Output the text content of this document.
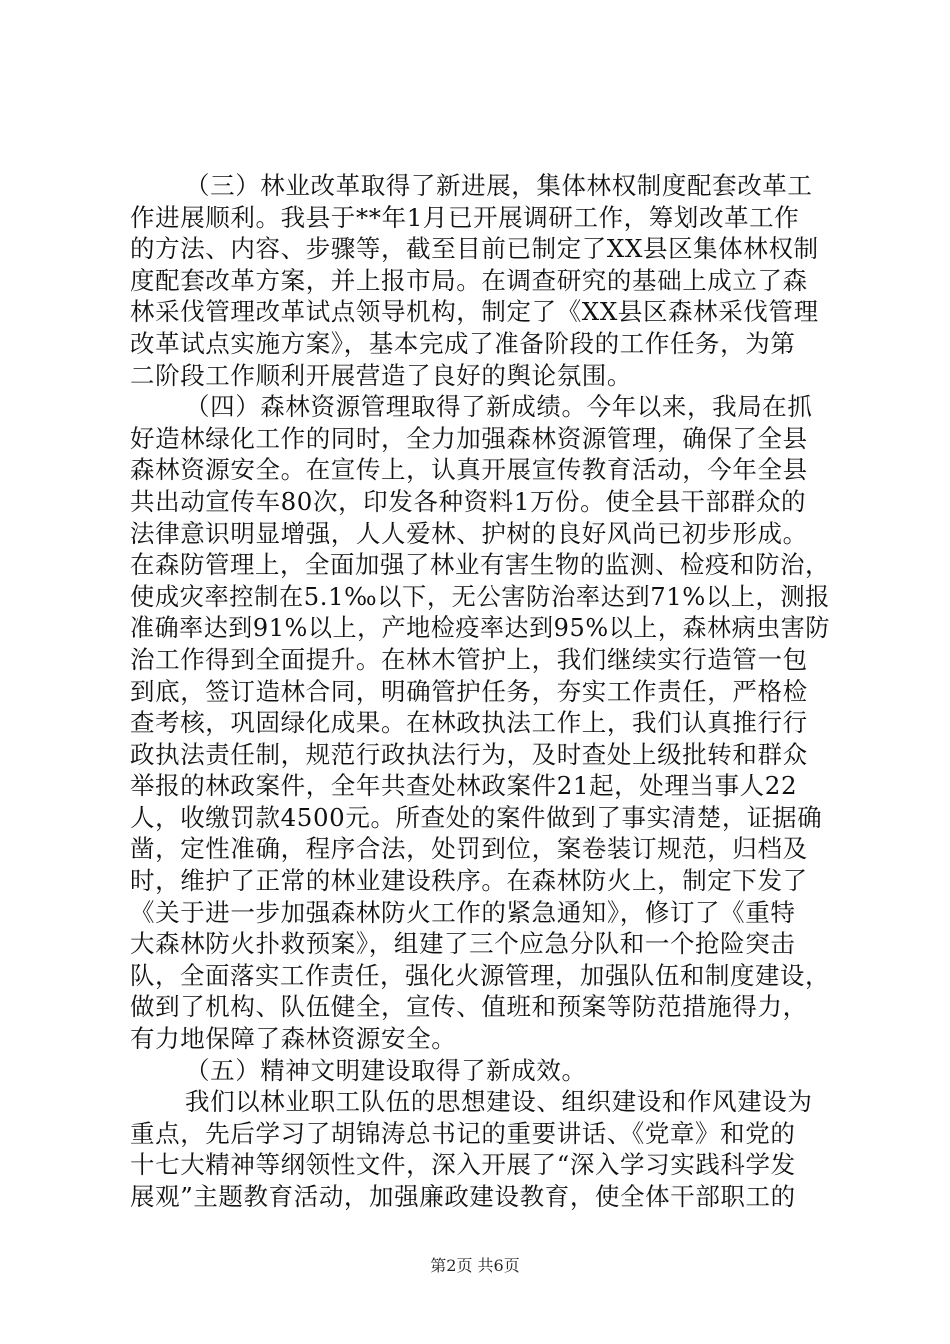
（三）林业改革取得了新进展，集体林权制度配套改革工
作进展顺利。我县于**年1月已开展调研工作，筹划改革工作
的方法、内容、步骤等，截至目前已制定了XX县区集体林权制
度配套改革方案，并上报市局。在调查研究的基础上成立了森
林采伐管理改革试点领导机构，制定了《XX县区森林采伐管理
改革试点实施方案》，基本完成了准备阶段的工作任务，为第
二阶段工作顺利开展营造了良好的舆论氛围。
（四）森林资源管理取得了新成绩。今年以来，我局在抓
好造林绿化工作的同时，全力加强森林资源管理，确保了全县
森林资源安全。在宣传上，认真开展宣传教育活动，今年全县
共出动宣传车80次，印发各种资料1万份。使全县干部群众的
法律意识明显增强，人人爱林、护树的良好风尚已初步形成。
在森防管理上，全面加强了林业有害生物的监测、检疫和防治，
使成灾率控制在5.1‰以下，无公害防治率达到71%以上，测报
准确率达到91%以上，产地检疫率达到95%以上，森林病虫害防
治工作得到全面提升。在林木管护上，我们继续实行造管一包
到底，签订造林合同，明确管护任务，夯实工作责任，严格检
查考核，巩固绿化成果。在林政执法工作上，我们认真推行行
政执法责任制，规范行政执法行为，及时查处上级批转和群众
举报的林政案件，全年共查处林政案件21起，处理当事人22
人，收缴罚款4500元。所查处的案件做到了事实清楚，证据确
凿，定性准确，程序合法，处罚到位，案卷装订规范，归档及
时，维护了正常的林业建设秩序。在森林防火上，制定下发了
《关于进一步加强森林防火工作的紧急通知》，修订了《重特
大森林防火扑救预案》，组建了三个应急分队和一个抢险突击
队，全面落实工作责任，强化火源管理，加强队伍和制度建设，
做到了机构、队伍健全，宣传、值班和预案等防范措施得力，
有力地保障了森林资源安全。
（五）精神文明建设取得了新成效。
我们以林业职工队伍的思想建设、组织建设和作风建设为
重点，先后学习了胡锦涛总书记的重要讲话、《党章》和党的
十七大精神等纲领性文件，深入开展了“深入学习实践科学发
展观”主题教育活动，加强廉政建设教育，使全体干部职工的
第2页 共6页
